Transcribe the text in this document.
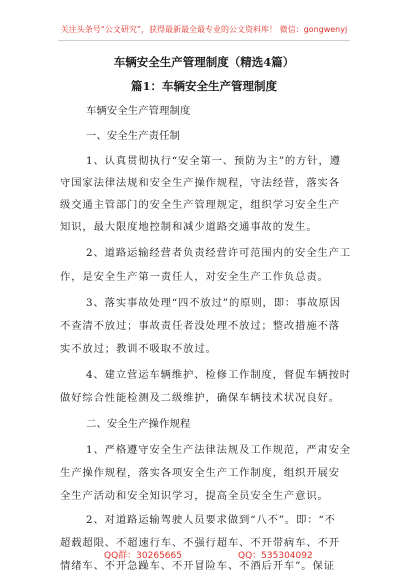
关注头条号“公文研究”，获得最新最全最专业的公文资料库！ 微信：gongwenyj
车辆安全生产管理制度（精选4篇）
篇1：车辆安全生产管理制度
车辆安全生产管理制度
一、安全生产责任制
1、认真贯彻执行“安全第一、预防为主”的方针，遵
守国家法律法规和安全生产操作规程，守法经营，落实各
级交通主管部门的安全生产管理规定，组织学习安全生产
知识，最大限度地控制和减少道路交通事故的发生。
2、道路运输经营者负责经营许可范围内的安全生产工
作，是安全生产第一责任人，对安全生产工作负总责。
3、落实事故处理“四不放过”的原则，即：事故原因
不查清不放过；事故责任者没处理不放过；整改措施不落
实不放过；教训不吸取不放过。
4、建立营运车辆维护、检修工作制度，督促车辆按时
做好综合性能检测及二级维护，确保车辆技术状况良好。
二、安全生产操作规程
1、严格遵守安全生产法律法规及工作规范，严肃安全
生产操作规程，落实各项安全生产工作制度，组织开展安
全生产活动和安全知识学习，提高全员安全生产意识。
2、对道路运输驾驶人员要求做到“八不”。即：“不
超载超限、不超速行车、不强行超车、不开带病车、不开
情绪车、不开急躁车、不开冒险车、不酒后开车”。保证
QQ群：30265665	QQ：535304092
